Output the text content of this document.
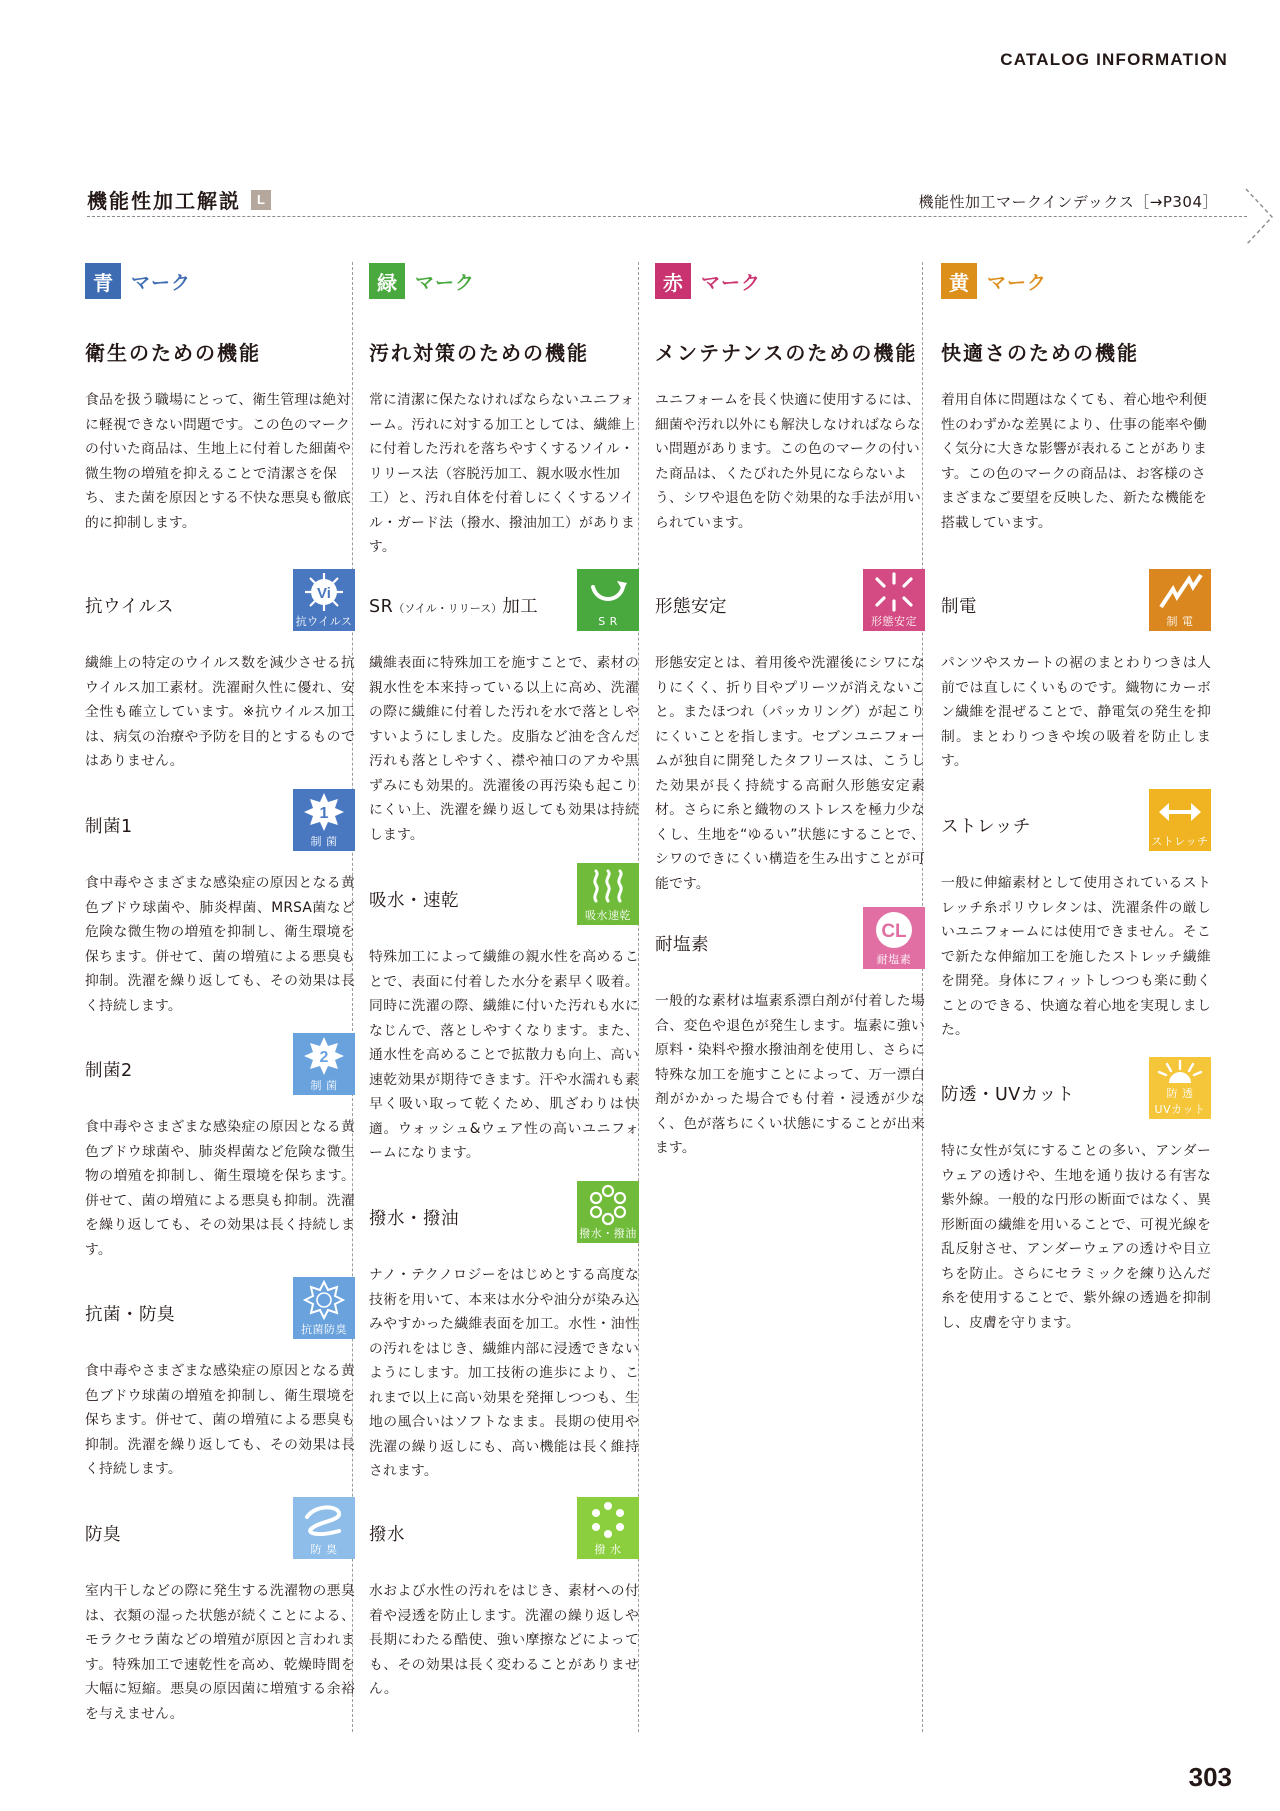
CATALOG INFORMATION
機能性加工解説	L	機能性加工マークインデックス［→P304］
青 マーク
衛生のための機能
食品を扱う職場にとって、衛生管理は絶対に軽視できない問題です。この色のマークの付いた商品は、生地上に付着した細菌や微生物の増殖を抑えることで清潔さを保ち、また菌を原因とする不快な悪臭も徹底的に抑制します。
抗ウイルス
Vi
抗ウイルス
繊維上の特定のウイルス数を減少させる抗ウイルス加工素材。洗濯耐久性に優れ、安全性も確立しています。※抗ウイルス加工は、病気の治療や予防を目的とするものではありません。
制菌1
1
制 菌
食中毒やさまざまな感染症の原因となる黄色ブドウ球菌や、肺炎桿菌、MRSA菌など危険な微生物の増殖を抑制し、衛生環境を保ちます。併せて、菌の増殖による悪臭も抑制。洗濯を繰り返しても、その効果は長く持続します。
制菌2
2
制 菌
食中毒やさまざまな感染症の原因となる黄色ブドウ球菌や、肺炎桿菌など危険な微生物の増殖を抑制し、衛生環境を保ちます。併せて、菌の増殖による悪臭も抑制。洗濯を繰り返しても、その効果は長く持続します。
抗菌・防臭
抗菌防臭
食中毒やさまざまな感染症の原因となる黄色ブドウ球菌の増殖を抑制し、衛生環境を保ちます。併せて、菌の増殖による悪臭も抑制。洗濯を繰り返しても、その効果は長く持続します。
防臭
防 臭
室内干しなどの際に発生する洗濯物の悪臭は、衣類の湿った状態が続くことによる、モラクセラ菌などの増殖が原因と言われます。特殊加工で速乾性を高め、乾燥時間を大幅に短縮。悪臭の原因菌に増殖する余裕を与えません。
緑 マーク
汚れ対策のための機能
常に清潔に保たなければならないユニフォーム。汚れに対する加工としては、繊維上に付着した汚れを落ちやすくするソイル・リリース法（容脱汚加工、親水吸水性加工）と、汚れ自体を付着しにくくするソイル・ガード法（撥水、撥油加工）があります。
SR（ソイル・リリース）加工
S R
繊維表面に特殊加工を施すことで、素材の親水性を本来持っている以上に高め、洗濯の際に繊維に付着した汚れを水で落としやすいようにしました。皮脂など油を含んだ汚れも落としやすく、襟や袖口のアカや黒ずみにも効果的。洗濯後の再汚染も起こりにくい上、洗濯を繰り返しても効果は持続します。
吸水・速乾
吸水速乾
特殊加工によって繊維の親水性を高めることで、表面に付着した水分を素早く吸着。同時に洗濯の際、繊維に付いた汚れも水になじんで、落としやすくなります。また、通水性を高めることで拡散力も向上、高い速乾効果が期待できます。汗や水濡れも素早く吸い取って乾くため、肌ざわりは快適。ウォッシュ&ウェア性の高いユニフォームになります。
撥水・撥油
撥水・撥油
ナノ・テクノロジーをはじめとする高度な技術を用いて、本来は水分や油分が染み込みやすかった繊維表面を加工。水性・油性の汚れをはじき、繊維内部に浸透できないようにします。加工技術の進歩により、これまで以上に高い効果を発揮しつつも、生地の風合いはソフトなまま。長期の使用や洗濯の繰り返しにも、高い機能は長く維持されます。
撥水
撥 水
水および水性の汚れをはじき、素材への付着や浸透を防止します。洗濯の繰り返しや長期にわたる酷使、強い摩擦などによっても、その効果は長く変わることがありません。
赤 マーク
メンテナンスのための機能
ユニフォームを長く快適に使用するには、細菌や汚れ以外にも解決しなければならない問題があります。この色のマークの付いた商品は、くたびれた外見にならないよう、シワや退色を防ぐ効果的な手法が用いられています。
形態安定
形態安定
形態安定とは、着用後や洗濯後にシワになりにくく、折り目やプリーツが消えないこと。またほつれ（パッカリング）が起こりにくいことを指します。セブンユニフォームが独自に開発したタフリースは、こうした効果が長く持続する高耐久形態安定素材。さらに糸と織物のストレスを極力少なくし、生地を“ゆるい”状態にすることで、シワのできにくい構造を生み出すことが可能です。
耐塩素
CL
耐塩素
一般的な素材は塩素系漂白剤が付着した場合、変色や退色が発生します。塩素に強い原料・染料や撥水撥油剤を使用し、さらに特殊な加工を施すことによって、万一漂白剤がかかった場合でも付着・浸透が少なく、色が落ちにくい状態にすることが出来ます。
黄 マーク
快適さのための機能
着用自体に問題はなくても、着心地や利便性のわずかな差異により、仕事の能率や働く気分に大きな影響が表れることがあります。この色のマークの商品は、お客様のさまざまなご要望を反映した、新たな機能を搭載しています。
制電
制 電
パンツやスカートの裾のまとわりつきは人前では直しにくいものです。織物にカーボン繊維を混ぜることで、静電気の発生を抑制。まとわりつきや埃の吸着を防止します。
ストレッチ
ストレッチ
一般に伸縮素材として使用されているストレッチ糸ポリウレタンは、洗濯条件の厳しいユニフォームには使用できません。そこで新たな伸縮加工を施したストレッチ繊維を開発。身体にフィットしつつも楽に動くことのできる、快適な着心地を実現しました。
防透・UVカット	防 透
UVカット
特に女性が気にすることの多い、アンダーウェアの透けや、生地を通り抜ける有害な紫外線。一般的な円形の断面ではなく、異形断面の繊維を用いることで、可視光線を乱反射させ、アンダーウェアの透けや目立ちを防止。さらにセラミックを練り込んだ糸を使用することで、紫外線の透過を抑制し、皮膚を守ります。
303
